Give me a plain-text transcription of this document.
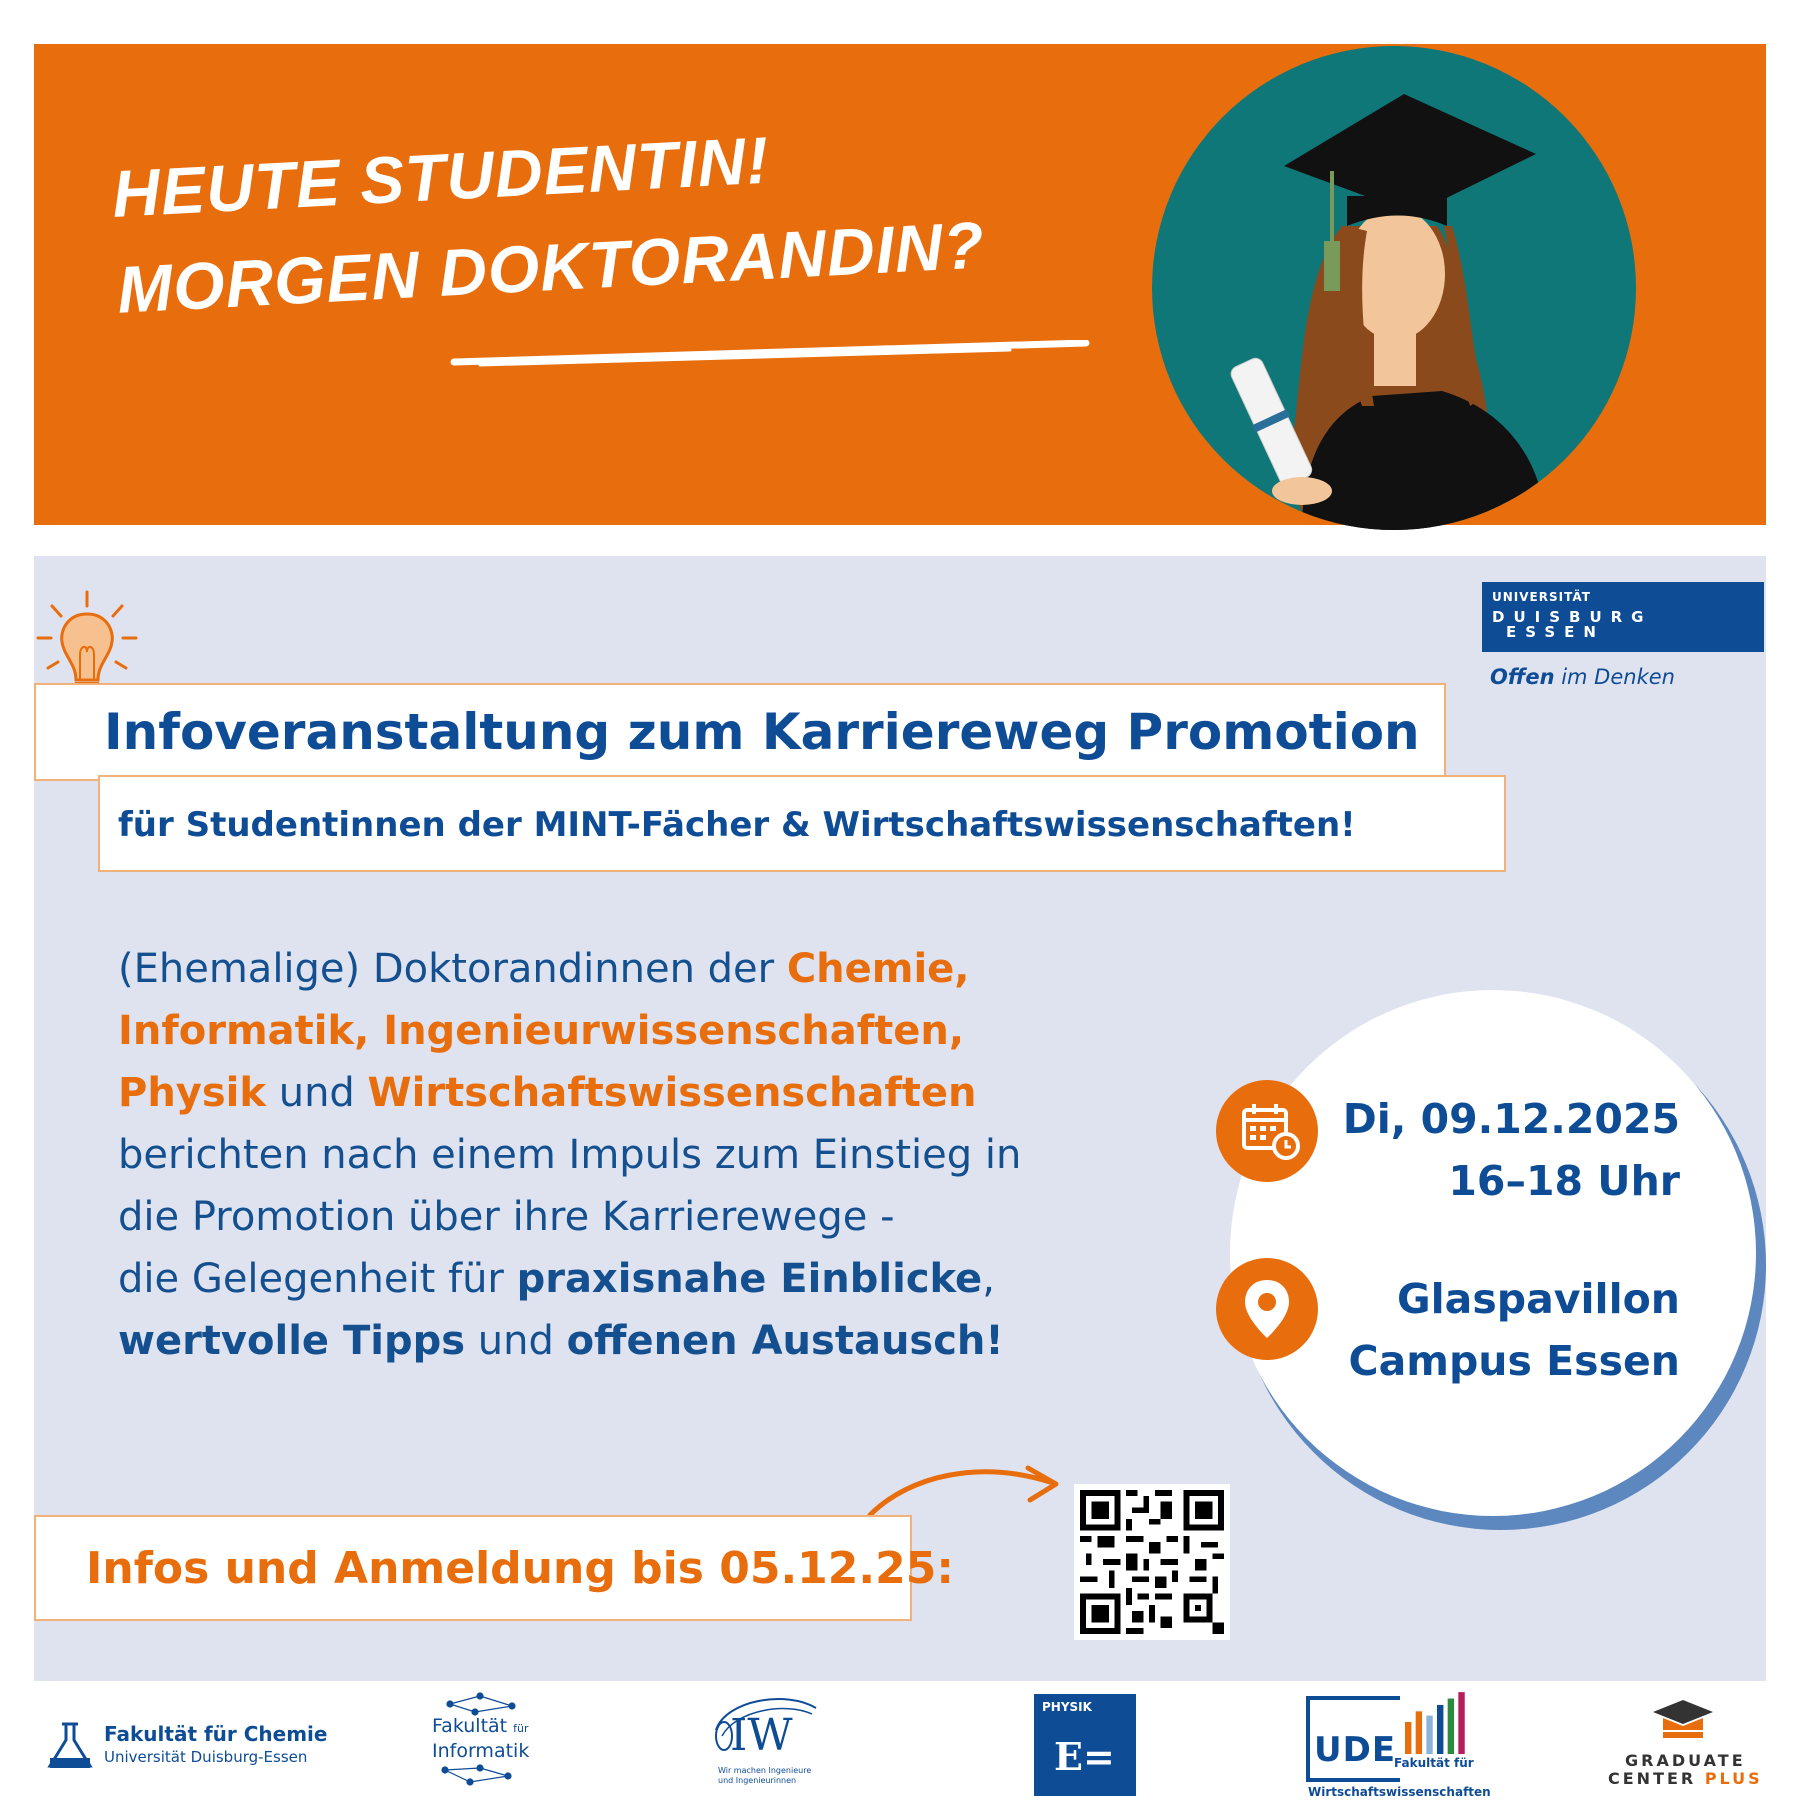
HEUTE STUDENTIN!
MORGEN DOKTORANDIN?
UNIVERSITÄT
DUISBURG
ESSEN
Offen im Denken
Infoveranstaltung zum Karriereweg Promotion
für Studentinnen der MINT-Fächer & Wirtschaftswissenschaften!
(Ehemalige) Doktorandinnen der Chemie,
Informatik, Ingenieurwissenschaften,
Physik und Wirtschaftswissenschaften
berichten nach einem Impuls zum Einstieg in
die Promotion über ihre Karrierewege -
die Gelegenheit für praxisnahe Einblicke,
wertvolle Tipps und offenen Austausch!
Di, 09.12.2025
16–18 Uhr
Glaspavillon
Campus Essen
Infos und Anmeldung bis 05.12.25:
Fakultät für Chemie
Universität Duisburg-Essen
Fakultät für
Informatik	IW
Wir machen Ingenieure
und Ingenieurinnen
PHYSIK
E=	UDE
Fakultät für
Wirtschaftswissenschaften
GRADUATE
CENTER PLUS
